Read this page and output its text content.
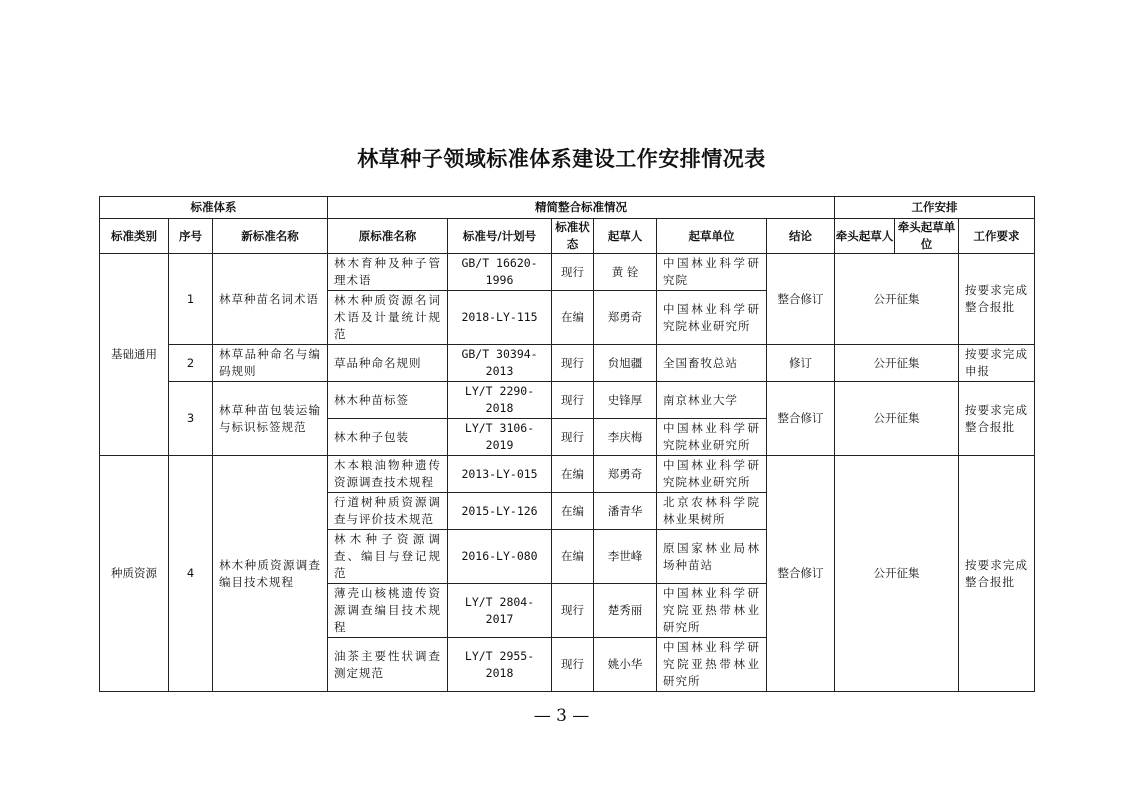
林草种子领域标准体系建设工作安排情况表
标准体系			精简整合标准情况						工作安排		
标准类别	序号	新标准名称	原标准名称	标准号/计划号	标准状态	起草人	起草单位	结论	牵头起草人	牵头起草单位	工作要求
基础通用	1	林草种苗名词术语	林木育种及种子管理术语	GB/T 16620-1996	现行	黄 铨	中国林业科学研究院	整合修订	公开征集		按要求完成整合报批
			林木种质资源名词术语及计量统计规范	2018-LY-115	在编	郑勇奇	中国林业科学研究院林业研究所				
	2	林草品种命名与编码规则	草品种命名规则	GB/T 30394-2013	现行	贠旭疆	全国畜牧总站	修订	公开征集		按要求完成申报
	3	林草种苗包装运输与标识标签规范	林木种苗标签	LY/T 2290-2018	现行	史锋厚	南京林业大学	整合修订	公开征集		按要求完成整合报批
			林木种子包装	LY/T 3106-2019	现行	李庆梅	中国林业科学研究院林业研究所				
种质资源	4	林木种质资源调查编目技术规程	木本粮油物种遗传资源调查技术规程	2013-LY-015	在编	郑勇奇	中国林业科学研究院林业研究所	整合修订	公开征集		按要求完成整合报批
			行道树种质资源调查与评价技术规范	2015-LY-126	在编	潘青华	北京农林科学院林业果树所				
			林木种子资源调查、编目与登记规范	2016-LY-080	在编	李世峰	原国家林业局林场种苗站				
			薄壳山核桃遗传资源调查编目技术规程	LY/T 2804-2017	现行	楚秀丽	中国林业科学研究院亚热带林业研究所				
			油茶主要性状调查测定规范	LY/T 2955-2018	现行	姚小华	中国林业科学研究院亚热带林业研究所				
— 3 —
